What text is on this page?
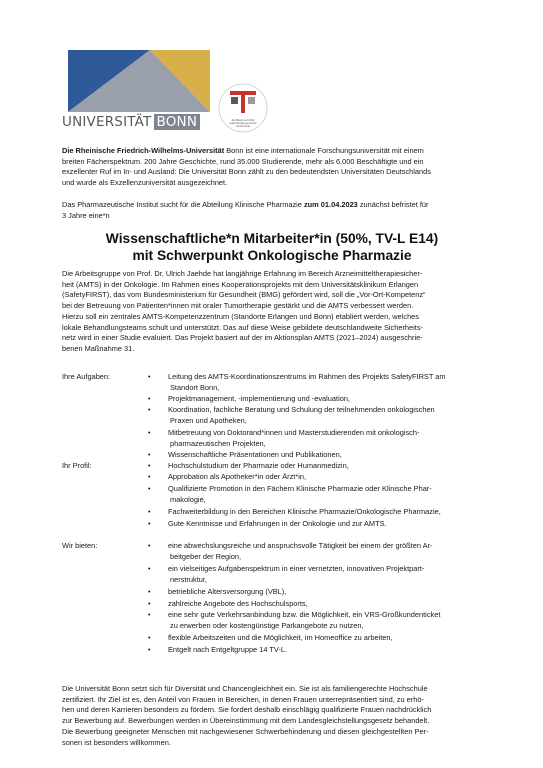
UNIVERSITÄT BONN	Zertifikat seit 2011
audit familiengerechte
hochschule
Die Rheinische Friedrich-Wilhelms-Universität Bonn ist eine internationale Forschungsuniversität mit einem
breiten Fächerspektrum. 200 Jahre Geschichte, rund 35.000 Studierende, mehr als 6.000 Beschäftigte und ein
exzellenter Ruf im In- und Ausland: Die Universität Bonn zählt zu den bedeutendsten Universitäten Deutschlands
und wurde als Exzellenzuniversität ausgezeichnet.
Das Pharmazeutische Institut sucht für die Abteilung Klinische Pharmazie zum 01.04.2023 zunächst befristet für
3 Jahre eine*n
Wissenschaftliche*n Mitarbeiter*in (50%, TV-L E14)
mit Schwerpunkt Onkologische Pharmazie
Die Arbeitsgruppe von Prof. Dr. Ulrich Jaehde hat langjährige Erfahrung im Bereich Arzneimitteltherapiesicher-
heit (AMTS) in der Onkologie. Im Rahmen eines Kooperationsprojekts mit dem Universitätsklinikum Erlangen
(SafetyFIRST), das vom Bundesministerium für Gesundheit (BMG) gefördert wird, soll die „Vor-Ort-Kompetenz“
bei der Betreuung von Patienten*innen mit oraler Tumortherapie gestärkt und die AMTS verbessert werden.
Hierzu soll ein zentrales AMTS-Kompetenzzentrum (Standorte Erlangen und Bonn) etabliert werden, welches
lokale Behandlungsteams schult und unterstützt. Das auf diese Weise gebildete deutschlandweite Sicherheits-
netz wird in einer Studie evaluiert. Das Projekt basiert auf der im Aktionsplan AMTS (2021–2024) ausgeschrie-
benen Maßnahme 31.
Ihre Aufgaben:	• Leitung des AMTS-Koordinationszentrums im Rahmen des Projekts SafetyFIRST am
Standort Bonn,
• Projektmanagement, -implementierung und -evaluation,
• Koordination, fachliche Beratung und Schulung der teilnehmenden onkologischen
Praxen und Apotheken,
• Mitbetreuung von Doktorand*innen und Masterstudierenden mit onkologisch-
pharmazeutischen Projekten,
• Wissenschaftliche Präsentationen und Publikationen,
Ihr Profil:	• Hochschulstudium der Pharmazie oder Humanmedizin,
• Approbation als Apotheker*in oder Ärzt*in,
• Qualifizierte Promotion in den Fächern Klinische Pharmazie oder Klinische Phar-
makologie,
• Fachweiterbildung in den Bereichen Klinische Pharmazie/Onkologische Pharmazie,
• Gute Kenntnisse und Erfahrungen in der Onkologie und zur AMTS.
Wir bieten:	• eine abwechslungsreiche und anspruchsvolle Tätigkeit bei einem der größten Ar-
beitgeber der Region,
• ein vielseitiges Aufgabenspektrum in einer vernetzten, innovativen Projektpart-
nerstruktur,
• betriebliche Altersversorgung (VBL),
• zahlreiche Angebote des Hochschulsports,
• eine sehr gute Verkehrsanbindung bzw. die Möglichkeit, ein VRS-Großkundenticket
zu erwerben oder kostengünstige Parkangebote zu nutzen,
• flexible Arbeitszeiten und die Möglichkeit, im Homeoffice zu arbeiten,
• Entgelt nach Entgeltgruppe 14 TV-L.
Die Universität Bonn setzt sich für Diversität und Chancengleichheit ein. Sie ist als familiengerechte Hochschule
zertifiziert. Ihr Ziel ist es, den Anteil von Frauen in Bereichen, in denen Frauen unterrepräsentiert sind, zu erhö-
hen und deren Karrieren besonders zu fördern. Sie fordert deshalb einschlägig qualifizierte Frauen nachdrücklich
zur Bewerbung auf. Bewerbungen werden in Übereinstimmung mit dem Landesgleichstellungsgesetz behandelt.
Die Bewerbung geeigneter Menschen mit nachgewiesener Schwerbehinderung und diesen gleichgestellten Per-
sonen ist besonders willkommen.
